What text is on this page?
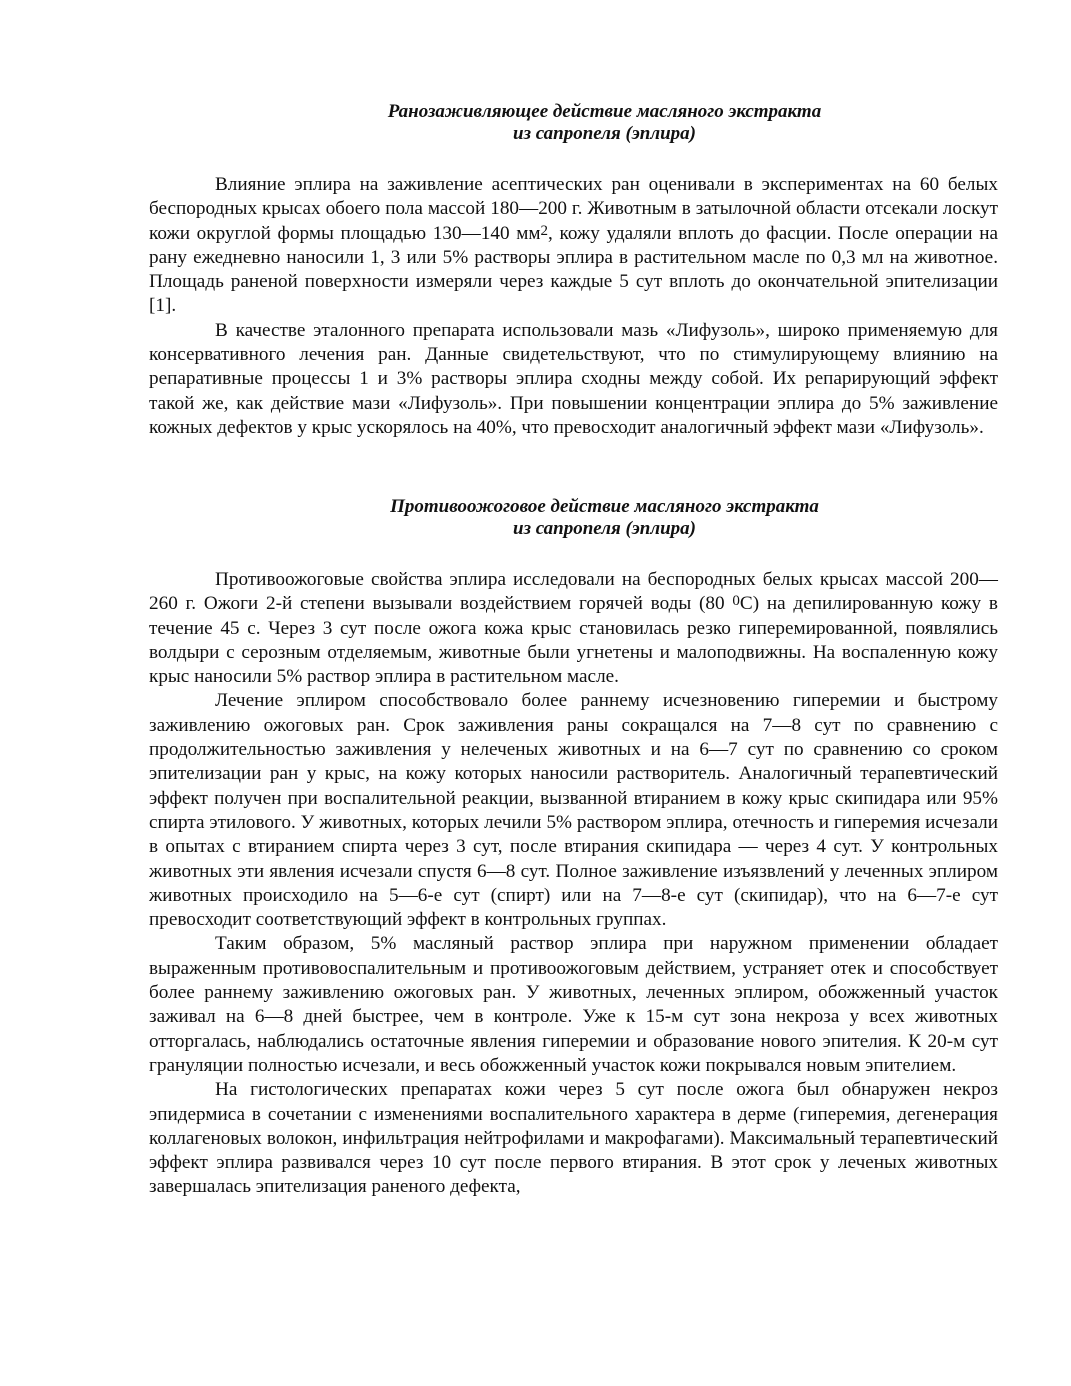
Ранозаживляющее действие масляного экстракта
из сапропеля (эплира)

Влияние эплира на заживление асептических ран оценивали в экспериментах на 60 белых беспородных крысах обоего пола массой 180—200 г. Животным в затылочной области отсекали лоскут кожи округлой формы площадью 130—140 $мм^2$, кожу удаляли вплоть до фасции. После операции на рану ежедневно наносили 1, 3 или 5% растворы эплира в растительном масле по 0,3 мл на животное. Площадь раненой поверхности измеряли через каждые 5 сут вплоть до окончательной эпителизации [1].

В качестве эталонного препарата использовали мазь «Лифузоль», широко применяемую для консервативного лечения ран. Данные свидетельствуют, что по стимулирующему влиянию на репаративные процессы 1 и 3% растворы эплира сходны между собой. Их репарирующий эффект такой же, как действие мази «Лифузоль». При повышении концентрации эплира до 5% заживление кожных дефектов у крыс ускорялось на 40%, что превосходит аналогичный эффект мази «Лифузоль».

Противоожоговое действие масляного экстракта
из сапропеля (эплира)

Противоожоговые свойства эплира исследовали на беспородных белых крысах массой 200—260 г. Ожоги 2-й степени вызывали воздействием горячей воды (80 $^0$С) на депилированную кожу в течение 45 с. Через 3 сут после ожога кожа крыс становилась резко гиперемированной, появлялись волдыри с серозным отделяемым, животные были угнетены и малоподвижны. На воспаленную кожу крыс наносили 5% раствор эплира в растительном масле.

Лечение эплиром способствовало более раннему исчезновению гиперемии и быстрому заживлению ожоговых ран. Срок заживления раны сокращался на 7—8 сут по сравнению с продолжительностью заживления у нелеченых животных и на 6—7 сут по сравнению со сроком эпителизации ран у крыс, на кожу которых наносили растворитель. Аналогичный терапевтический эффект получен при воспалительной реакции, вызванной втиранием в кожу крыс скипидара или 95% спирта этилового. У животных, которых лечили 5% раствором эплира, отечность и гиперемия исчезали в опытах с втиранием спирта через 3 сут, после втирания скипидара — через 4 сут. У контрольных животных эти явления исчезали спустя 6—8 сут. Полное заживление изъязвлений у леченных эплиром животных происходило на 5—6-е сут (спирт) или на 7—8-е сут (скипидар), что на 6—7-е сут превосходит соответствующий эффект в контрольных группах.

Таким образом, 5% масляный раствор эплира при наружном применении обладает выраженным противовоспалительным и противоожоговым действием, устраняет отек и способствует более раннему заживлению ожоговых ран. У животных, леченных эплиром, обожженный участок заживал на 6—8 дней быстрее, чем в контроле. Уже к 15-м сут зона некроза у всех животных отторгалась, наблюдались остаточные явления гиперемии и образование нового эпителия. К 20-м сут грануляции полностью исчезали, и весь обожженный участок кожи покрывался новым эпителием.

На гистологических препаратах кожи через 5 сут после ожога был обнаружен некроз эпидермиса в сочетании с изменениями воспалительного характера в дерме (гиперемия, дегенерация коллагеновых волокон, инфильтрация нейтрофилами и макрофагами). Максимальный терапевтический эффект эплира развивался через 10 сут после первого втирания. В этот срок у леченых животных завершалась эпителизация раненого дефекта,
